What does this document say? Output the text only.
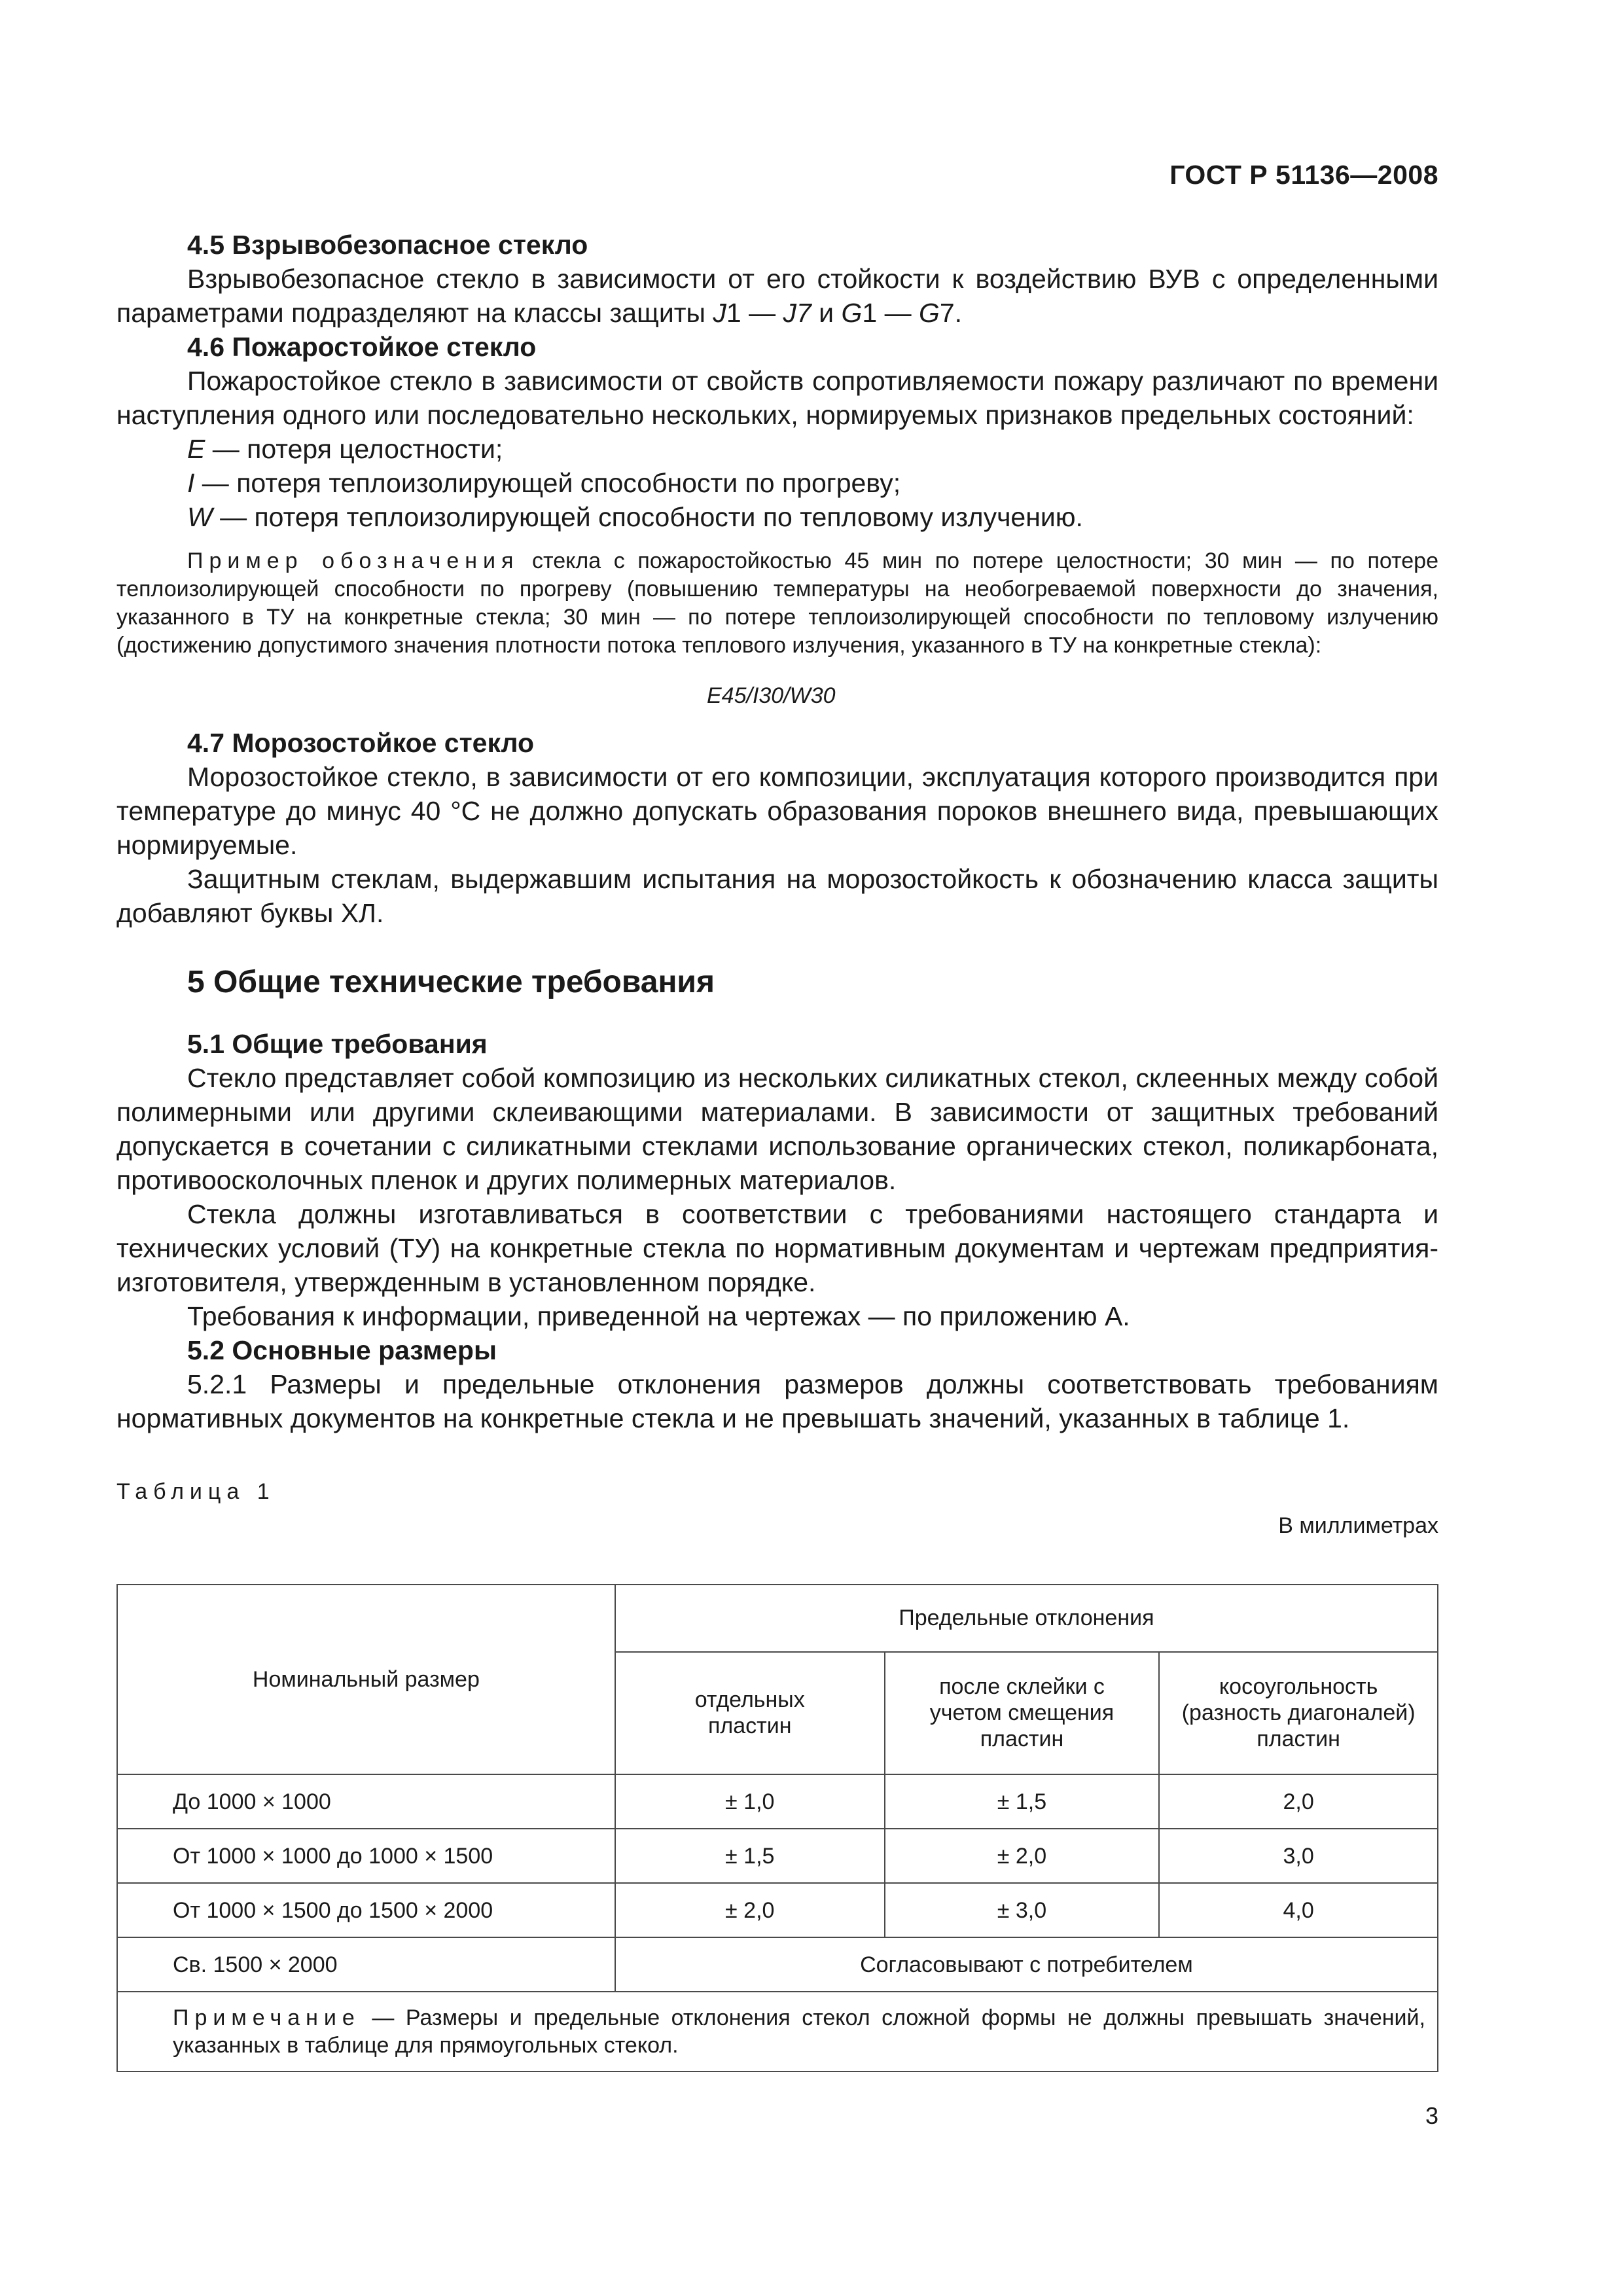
ГОСТ Р 51136—2008
4.5 Взрывобезопасное стекло

Взрывобезопасное стекло в зависимости от его стойкости к воздействию ВУВ с определенными параметрами подразделяют на классы защиты J1 — J7 и G1 — G7.

4.6 Пожаростойкое стекло

Пожаростойкое стекло в зависимости от свойств сопротивляемости пожару различают по времени наступления одного или последовательно нескольких, нормируемых признаков предельных состояний:

E — потеря целостности;
I — потеря теплоизолирующей способности по прогреву;
W — потеря теплоизолирующей способности по тепловому излучению.

Пример обозначения стекла с пожаростойкостью 45 мин по потере целостности; 30 мин — по потере теплоизолирующей способности по прогреву (повышению температуры на необогреваемой поверхности до значения, указанного в ТУ на конкретные стекла; 30 мин — по потере теплоизолирующей способности по тепловому излучению (достижению допустимого значения плотности потока теплового излучения, указанного в ТУ на конкретные стекла):

E45/I30/W30
4.7 Морозостойкое стекло

Морозостойкое стекло, в зависимости от его композиции, эксплуатация которого производится при температуре до минус 40 °C не должно допускать образования пороков внешнего вида, превышающих нормируемые.

Защитным стеклам, выдержавшим испытания на морозостойкость к обозначению класса защиты добавляют буквы ХЛ.

5 Общие технические требования
5.1 Общие требования

Стекло представляет собой композицию из нескольких силикатных стекол, склеенных между собой полимерными или другими склеивающими материалами. В зависимости от защитных требований допускается в сочетании с силикатными стеклами использование органических стекол, поликарбоната, противоосколочных пленок и других полимерных материалов.

Стекла должны изготавливаться в соответствии с требованиями настоящего стандарта и технических условий (ТУ) на конкретные стекла по нормативным документам и чертежам предприятия-изготовителя, утвержденным в установленном порядке.

Требования к информации, приведенной на чертежах — по приложению А.

5.2 Основные размеры

5.2.1 Размеры и предельные отклонения размеров должны соответствовать требованиям нормативных документов на конкретные стекла и не превышать значений, указанных в таблице 1.

Таблица 1
В миллиметрах
Номинальный размер	Предельные отклонения		

	отдельных пластин	после склейки с учетом смещения пластин	косоугольность (разность диагоналей) пластин

До 1000 × 1000	± 1,0	± 1,5	2,0
От 1000 × 1000 до 1000 × 1500	± 1,5	± 2,0	3,0
От 1000 × 1500 до 1500 × 2000	± 2,0	± 3,0	4,0
Св. 1500 × 2000	Согласовывают с потребителем		
Примечание — Размеры и предельные отклонения стекол сложной формы не должны превышать значений, указанных в таблице для прямоугольных стекол.			
3
